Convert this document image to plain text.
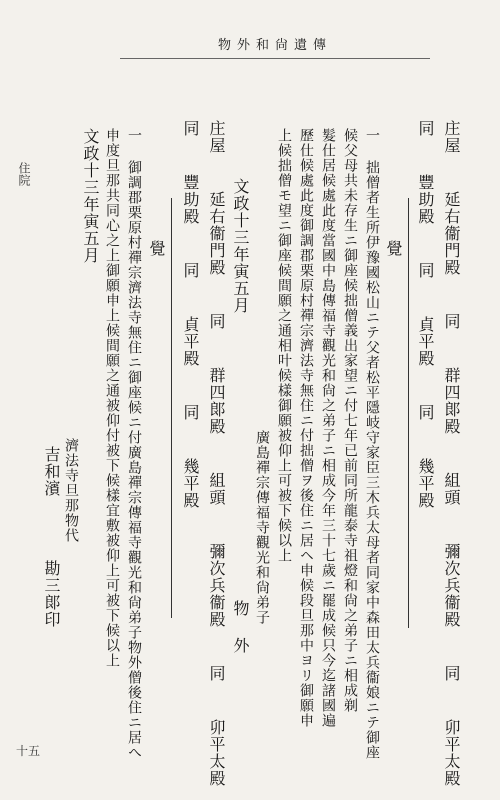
物外和尙遺傳
住院
十五
庄屋　 延右衞門殿　 同　 群四郞殿　 組頭　 彌次兵衞殿　 同　 卯平太殿
同　 豐助殿　 同　 貞平殿　 同　 幾平殿
覺
一 拙僧者生所伊豫國松山ニテ父者松平隱岐守家臣三木兵太母者同家中森田太兵衞娘ニテ御座
候父母共未存生ニ御座候拙僧義出家望ニ付七年已前同所龍泰寺祖燈和尙之弟子ニ相成剃
髮仕居候處此度當國中島傳福寺觀光和尙之弟子ニ相成今年三十七歲ニ罷成候只今迄諸國遍
歷仕候處此度御調郡栗原村禪宗濟法寺無住ニ付拙僧ヲ後住ニ居ヘ申候段旦那中ヨリ御願申
上候拙僧モ望ニ御座候間願之通相叶候樣御願被仰上可被下候以上
廣島禪宗傳福寺觀光和尙弟子
物 外
文政十三年寅五月
庄屋　 延右衞門殿　 同　 群四郞殿　 組頭　 彌次兵衞殿　 同　 卯平太殿
同　 豐助殿　 同　 貞平殿　 同　 幾平殿
覺
一 御調郡栗原村禪宗濟法寺無住ニ御座候ニ付廣島禪宗傳福寺觀光和尙弟子物外僧後住ニ居へ
申度旦那共同心之上御願申上候間願之通被仰付被下候樣宜敷被仰上可被下候以上
文政十三年寅五月
濟法寺旦那物代
吉和濱
勘三郞印
